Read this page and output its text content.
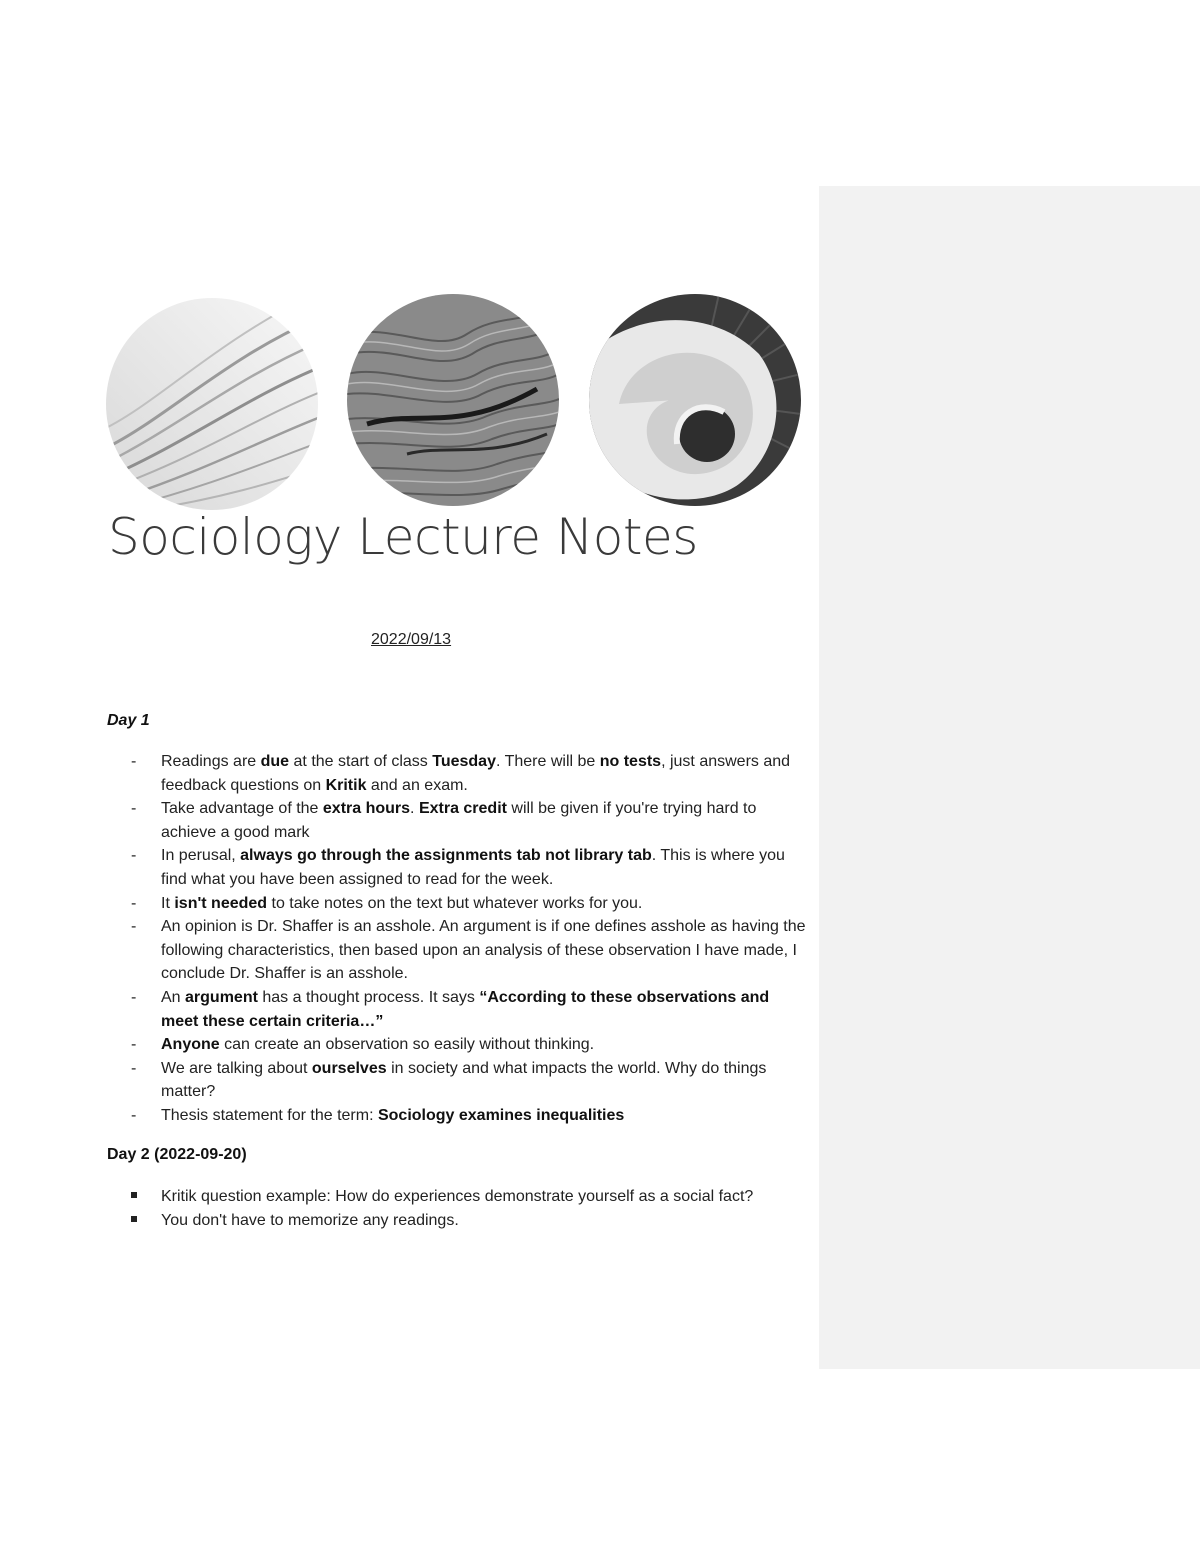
Sociology Lecture Notes
2022/09/13
Day 1
-	Readings are due at the start of class Tuesday. There will be no tests, just answers and feedback questions on Kritik and an exam.
-	Take advantage of the extra hours. Extra credit will be given if you're trying hard to achieve a good mark
-	In perusal, always go through the assignments tab not library tab. This is where you find what you have been assigned to read for the week.
-	It isn't needed to take notes on the text but whatever works for you.
-	An opinion is Dr. Shaffer is an asshole. An argument is if one defines asshole as having the following characteristics, then based upon an analysis of these observation I have made, I conclude Dr. Shaffer is an asshole.
-	An argument has a thought process. It says “According to these observations and meet these certain criteria…”
-	Anyone can create an observation so easily without thinking.
-	We are talking about ourselves in society and what impacts the world. Why do things matter?
-	Thesis statement for the term: Sociology examines inequalities
Day 2 (2022-09-20)
Kritik question example: How do experiences demonstrate yourself as a social fact?
You don't have to memorize any readings.
